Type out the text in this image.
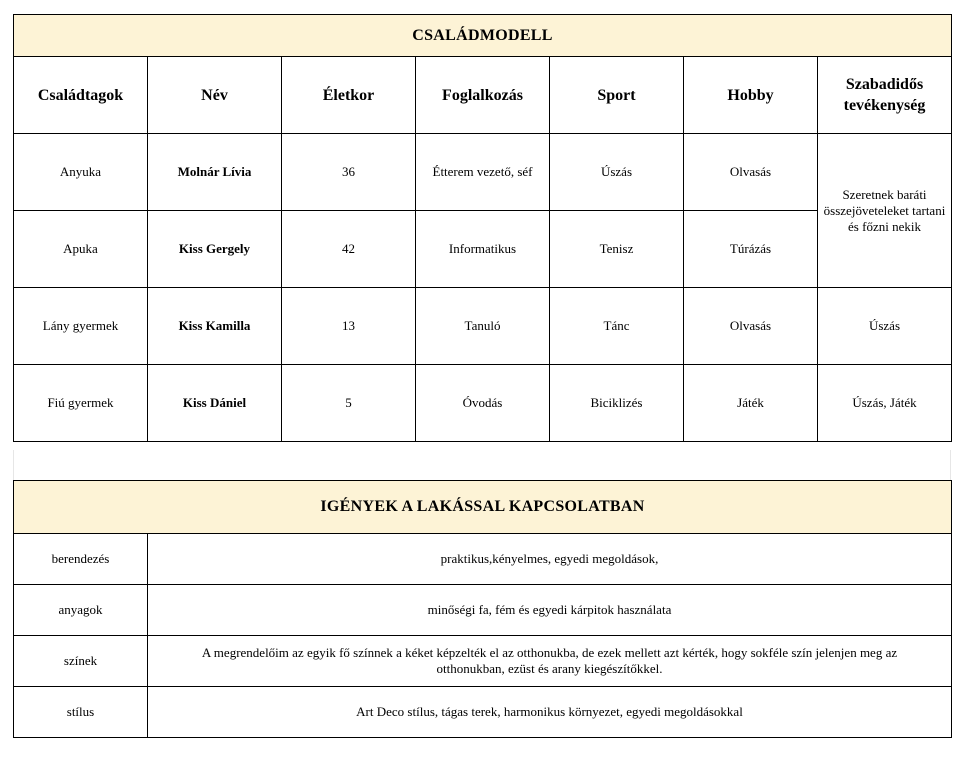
CSALÁDMODELL						
Családtagok	Név	Életkor	Foglalkozás	Sport	Hobby	Szabadidős tevékenység
Anyuka	Molnár Lívia	36	Étterem vezető, séf	Úszás	Olvasás	Szeretnek baráti összejöveteleket tartani és főzni nekik
Apuka	Kiss Gergely	42	Informatikus	Tenisz	Túrázás	
Lány gyermek	Kiss Kamilla	13	Tanuló	Tánc	Olvasás	Úszás
Fiú gyermek	Kiss Dániel	5	Óvodás	Biciklizés	Játék	Úszás, Játék
IGÉNYEK A LAKÁSSAL KAPCSOLATBAN	
berendezés	praktikus,kényelmes, egyedi megoldások,
anyagok	minőségi fa, fém és egyedi kárpitok használata
színek	A megrendelőim az egyik fő színnek a kéket képzelték el az otthonukba, de ezek mellett azt kérték, hogy sokféle szín jelenjen meg az otthonukban, ezüst és arany kiegészítőkkel.
stílus	Art Deco stílus, tágas terek, harmonikus környezet, egyedi megoldásokkal
